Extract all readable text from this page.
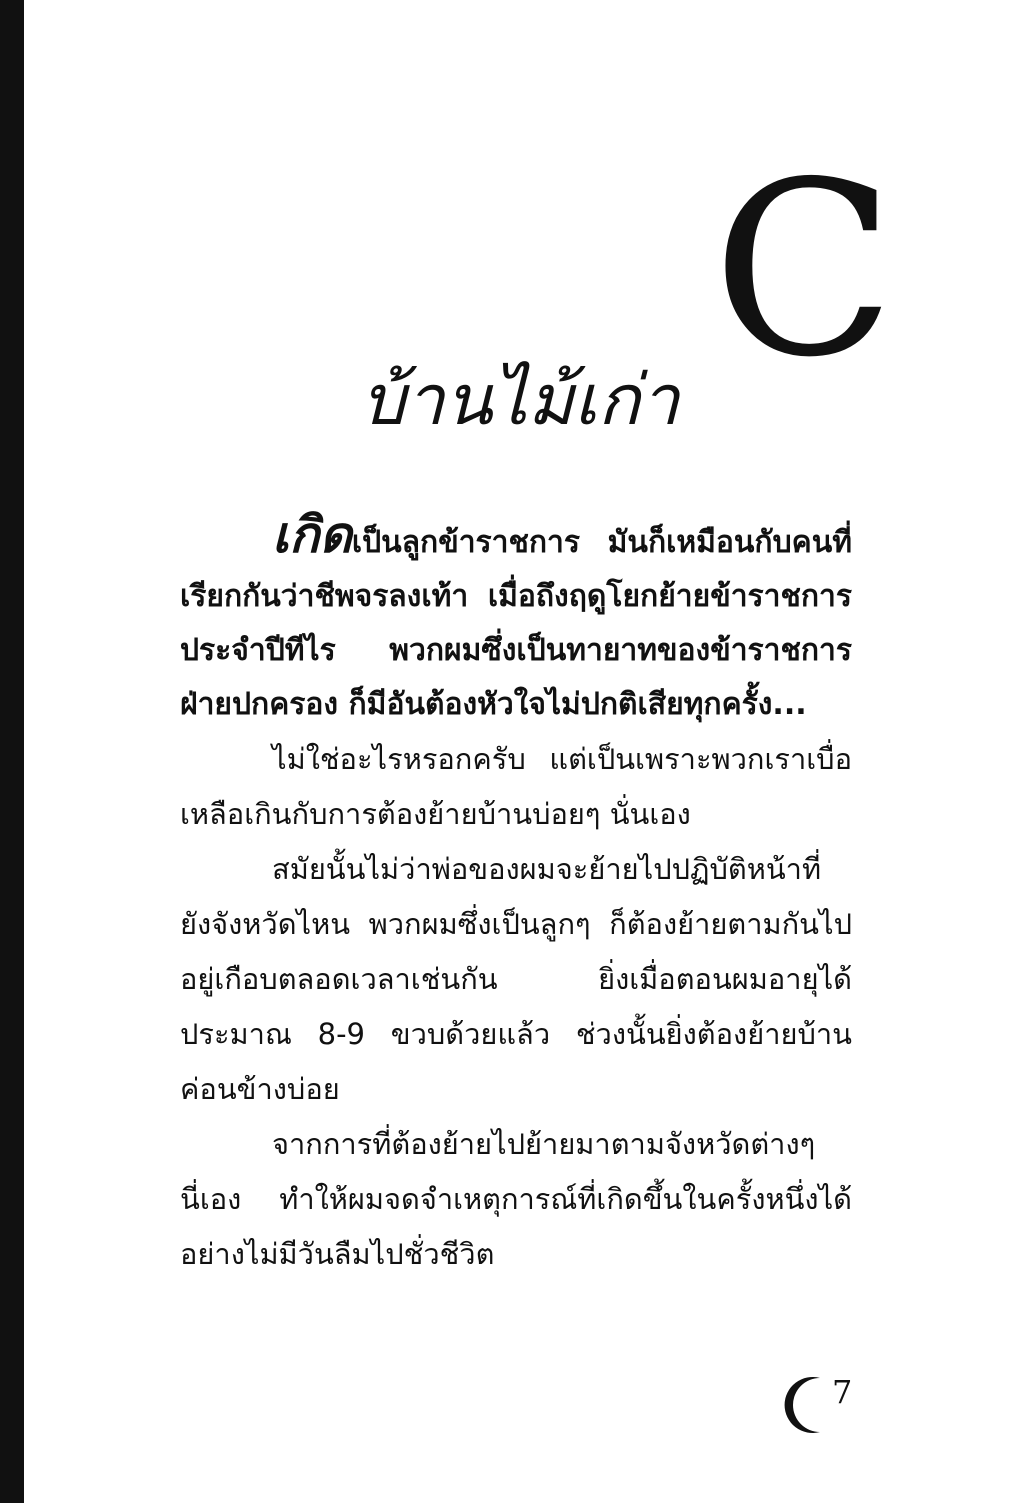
C
บ้านไม้เก่า

เกิดเป็นลูกข้าราชการ มันก็เหมือนกับคนที่เรียกกันว่าชีพจรลงเท้า เมื่อถึงฤดูโยกย้ายข้าราชการประจำปีทีไร พวกผมซึ่งเป็นทายาทของข้าราชการฝ่ายปกครอง ก็มีอันต้องหัวใจไม่ปกติเสียทุกครั้ง...

ไม่ใช่อะไรหรอกครับ แต่เป็นเพราะพวกเราเบื่อเหลือเกินกับการต้องย้ายบ้านบ่อยๆ นั่นเอง

สมัยนั้นไม่ว่าพ่อของผมจะย้ายไปปฏิบัติหน้าที่ยังจังหวัดไหน พวกผมซึ่งเป็นลูกๆ ก็ต้องย้ายตามกันไปอยู่เกือบตลอดเวลาเช่นกัน ยิ่งเมื่อตอนผมอายุได้ประมาณ 8-9 ขวบด้วยแล้ว ช่วงนั้นยิ่งต้องย้ายบ้านค่อนข้างบ่อย

จากการที่ต้องย้ายไปย้ายมาตามจังหวัดต่างๆ นี่เอง ทำให้ผมจดจำเหตุการณ์ที่เกิดขึ้นในครั้งหนึ่งได้อย่างไม่มีวันลืมไปชั่วชีวิต

7
